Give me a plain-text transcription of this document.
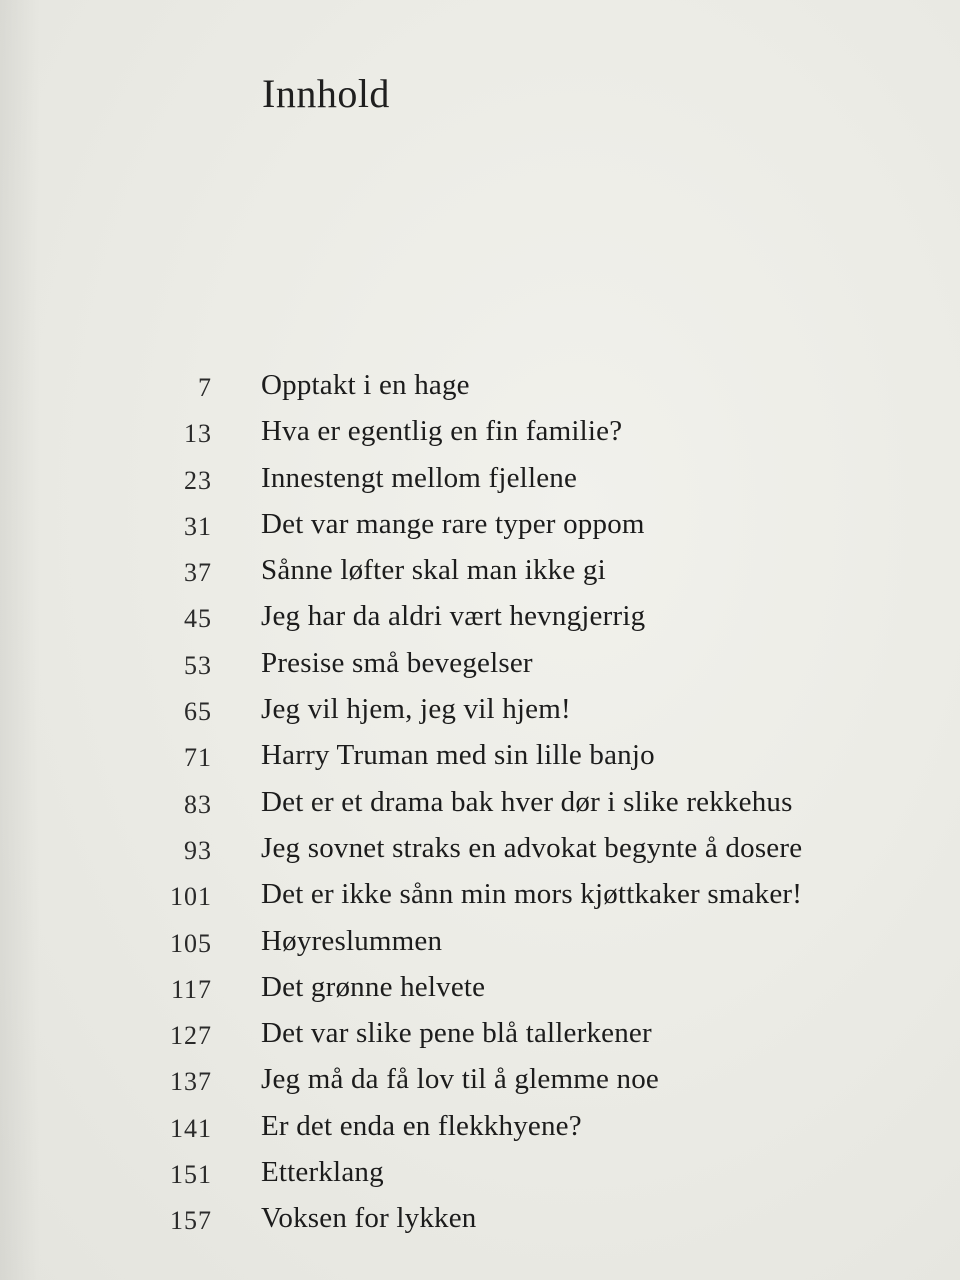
Innhold
7 Opptakt i en hage
13 Hva er egentlig en fin familie?
23 Innestengt mellom fjellene
31 Det var mange rare typer oppom
37 Sånne løfter skal man ikke gi
45 Jeg har da aldri vært hevngjerrig
53 Presise små bevegelser
65 Jeg vil hjem, jeg vil hjem!
71 Harry Truman med sin lille banjo
83 Det er et drama bak hver dør i slike rekkehus
93 Jeg sovnet straks en advokat begynte å dosere
101 Det er ikke sånn min mors kjøttkaker smaker!
105 Høyreslummen
117 Det grønne helvete
127 Det var slike pene blå tallerkener
137 Jeg må da få lov til å glemme noe
141 Er det enda en flekkhyene?
151 Etterklang
157 Voksen for lykken
